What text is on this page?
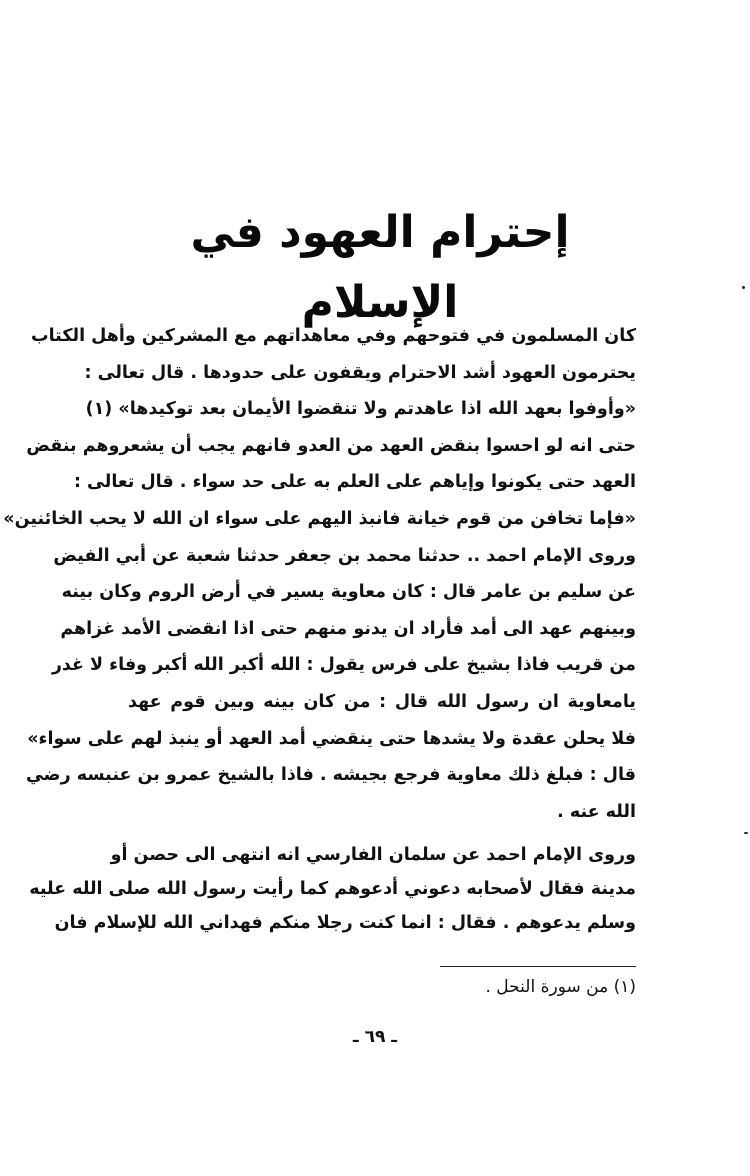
إحترام العهود في الإسلام
كان المسلمون في فتوحهم وفي معاهداتهم مع المشركين وأهل الكتاب
يحترمون العهود أشد الاحترام ويقفون على حدودها . قال تعالى :
«وأوفوا بعهد الله اذا عاهدتم ولا تنقضوا الأيمان بعد توكيدها» (١)
حتى انه لو احسوا بنقض العهد من العدو فانهم يجب أن يشعروهم بنقض
العهد حتى يكونوا وإياهم على العلم به على حد سواء . قال تعالى :
«فإما تخافن من قوم خيانة فانبذ اليهم على سواء ان الله لا يحب الخائنين»
وروى الإمام احمد .. حدثنا محمد بن جعفر حدثنا شعبة عن أبي الفيض
عن سليم بن عامر قال : كان معاوية يسير في أرض الروم وكان بينه
وبينهم عهد الى أمد فأراد ان يدنو منهم حتى اذا انقضى الأمد غزاهم
من قريب فاذا بشيخ على فرس يقول : الله أكبر الله أكبر وفاء لا غدر
يامعاوية ان رسول الله قال : من كان بينه وبين قوم عهد
فلا يحلن عقدة ولا يشدها حتى ينقضي أمد العهد أو ينبذ لهم على سواء»
قال : فبلغ ذلك معاوية فرجع بجيشه . فاذا بالشيخ عمرو بن عنبسه رضي
الله عنه .
وروى الإمام احمد عن سلمان الفارسي انه انتهى الى حصن أو
مدينة فقال لأصحابه دعوني أدعوهم كما رأيت رسول الله صلى الله عليه
وسلم يدعوهم . فقال : انما كنت رجلا منكم فهداني الله للإسلام فان
(١) من سورة النحل .
ـ ٦٩ ـ
